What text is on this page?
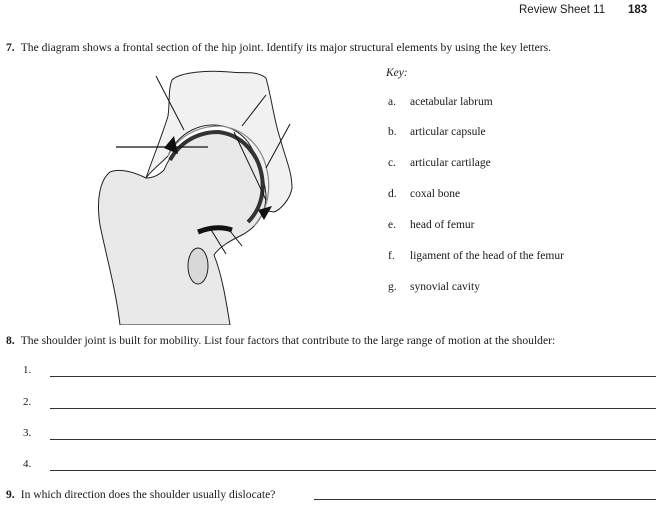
Review Sheet 11 183
7. The diagram shows a frontal section of the hip joint. Identify its major structural elements by using the key letters.
Key:
a. acetabular labrum
b. articular capsule
c. articular cartilage
d. coxal bone
e. head of femur
f. ligament of the head of the femur
g. synovial cavity
8. The shoulder joint is built for mobility. List four factors that contribute to the large range of motion at the shoulder:
1.
2.
3.
4.
9. In which direction does the shoulder usually dislocate?
